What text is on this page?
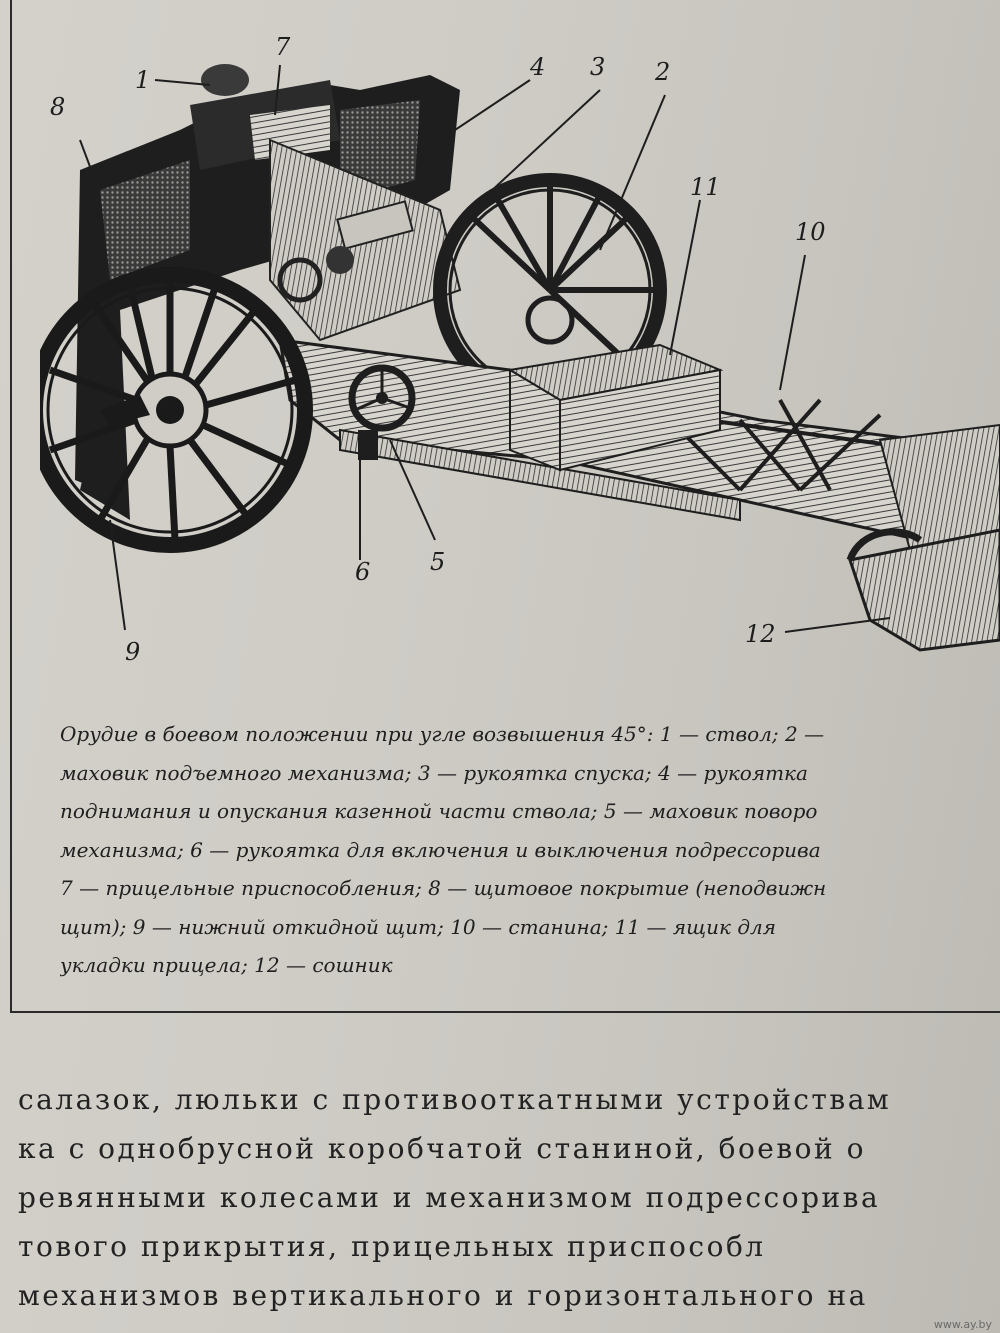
1	2
3
4
5
6
7
8
9
10
11
12
Орудие в боевом положении при угле возвышения 45°: 1 — ствол; 2 —
маховик подъемного механизма; 3 — рукоятка спуска; 4 — рукоятка
поднимания и опускания казенной части ствола; 5 — маховик поворо
механизма; 6 — рукоятка для включения и выключения подрессорива
7 — прицельные приспособления; 8 — щитовое покрытие (неподвижн
щит); 9 — нижний откидной щит; 10 — станина; 11 — ящик для
укладки прицела; 12 — сошник
салазок, люльки с противооткатными устройствам
ка с однобрусной коробчатой станиной, боевой о
ревянными колесами и механизмом подрессоривa
тового прикрытия, прицельных приспособл
механизмов вертикального и горизонтального на
www.ay.by
